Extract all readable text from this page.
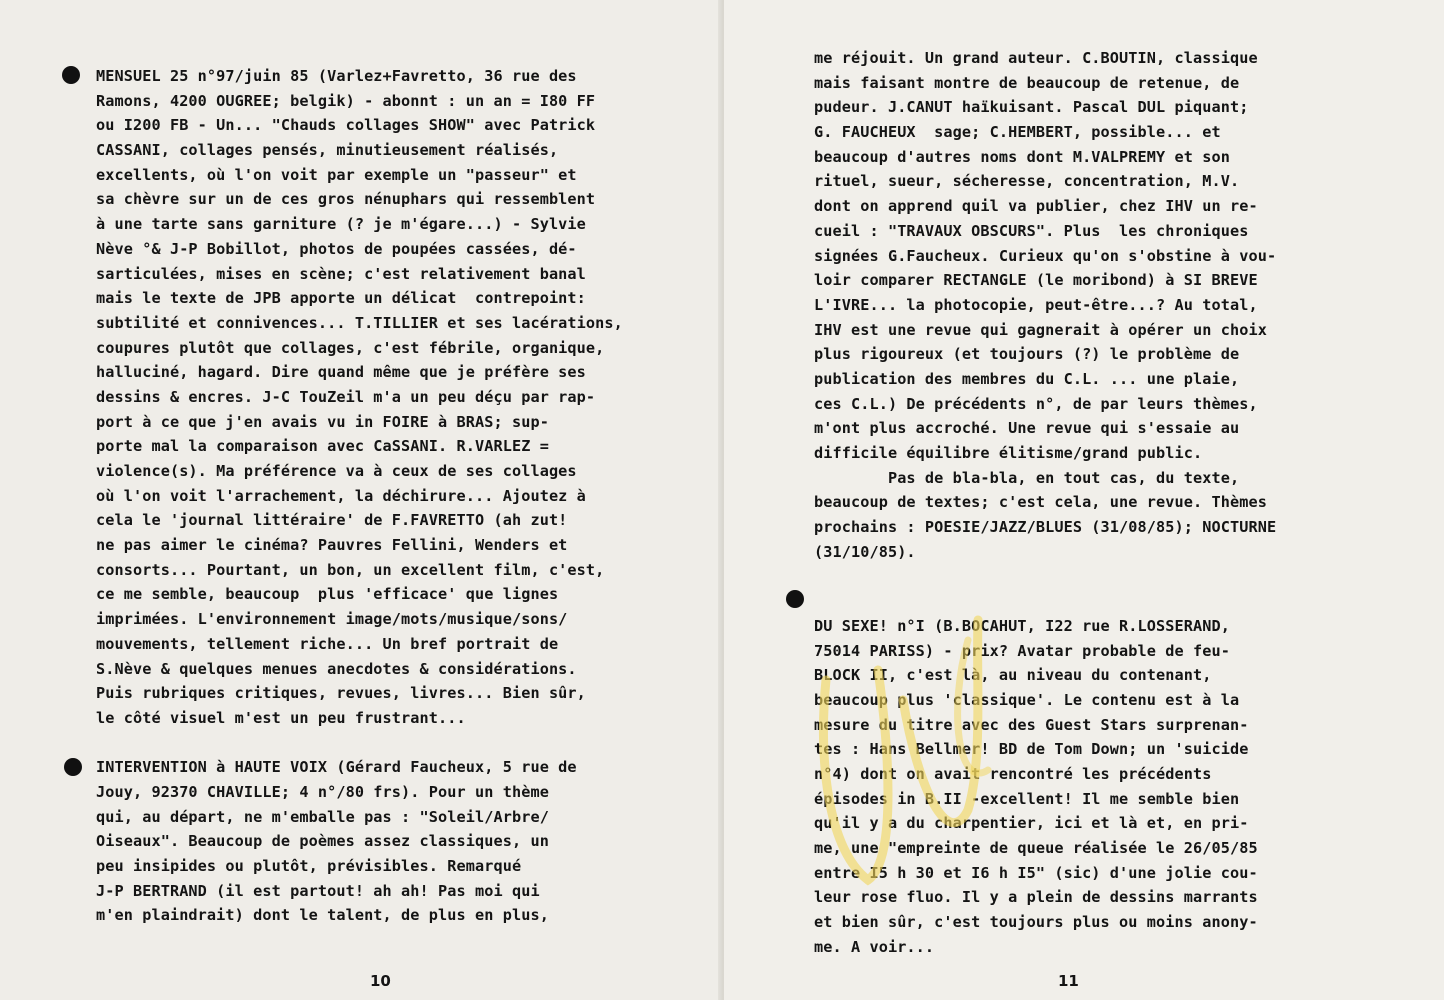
MENSUEL 25 n°97/juin 85 (Varlez+Favretto, 36 rue des
Ramons, 4200 OUGREE; belgik) - abonnt : un an = I80 FF
ou I200 FB - Un... "Chauds collages SHOW" avec Patrick
CASSANI, collages pensés, minutieusement réalisés,
excellents, où l'on voit par exemple un "passeur" et
sa chèvre sur un de ces gros nénuphars qui ressemblent
à une tarte sans garniture (? je m'égare...) - Sylvie
Nève °& J-P Bobillot, photos de poupées cassées, dé-
sarticulées, mises en scène; c'est relativement banal
mais le texte de JPB apporte un délicat  contrepoint:
subtilité et connivences... T.TILLIER et ses lacérations,
coupures plutôt que collages, c'est fébrile, organique,
halluciné, hagard. Dire quand même que je préfère ses
dessins & encres. J-C TouZeil m'a un peu déçu par rap-
port à ce que j'en avais vu in FOIRE à BRAS; sup-
porte mal la comparaison avec CaSSANI. R.VARLEZ =
violence(s). Ma préférence va à ceux de ses collages
où l'on voit l'arrachement, la déchirure... Ajoutez à
cela le 'journal littéraire' de F.FAVRETTO (ah zut!
ne pas aimer le cinéma? Pauvres Fellini, Wenders et
consorts... Pourtant, un bon, un excellent film, c'est,
ce me semble, beaucoup  plus 'efficace' que lignes
imprimées. L'environnement image/mots/musique/sons/
mouvements, tellement riche... Un bref portrait de
S.Nève & quelques menues anecdotes & considérations.
Puis rubriques critiques, revues, livres... Bien sûr,
le côté visuel m'est un peu frustrant...
INTERVENTION à HAUTE VOIX (Gérard Faucheux, 5 rue de
Jouy, 92370 CHAVILLE; 4 n°/80 frs). Pour un thème
qui, au départ, ne m'emballe pas : "Soleil/Arbre/
Oiseaux". Beaucoup de poèmes assez classiques, un
peu insipides ou plutôt, prévisibles. Remarqué
J-P BERTRAND (il est partout! ah ah! Pas moi qui
m'en plaindrait) dont le talent, de plus en plus,
10
me réjouit. Un grand auteur. C.BOUTIN, classique
mais faisant montre de beaucoup de retenue, de
pudeur. J.CANUT haïkuisant. Pascal DUL piquant;
G. FAUCHEUX  sage; C.HEMBERT, possible... et
beaucoup d'autres noms dont M.VALPREMY et son
rituel, sueur, sécheresse, concentration, M.V.
dont on apprend quil va publier, chez IHV un re-
cueil : "TRAVAUX OBSCURS". Plus  les chroniques
signées G.Faucheux. Curieux qu'on s'obstine à vou-
loir comparer RECTANGLE (le moribond) à SI BREVE
L'IVRE... la photocopie, peut-être...? Au total,
IHV est une revue qui gagnerait à opérer un choix
plus rigoureux (et toujours (?) le problème de
publication des membres du C.L. ... une plaie,
ces C.L.) De précédents n°, de par leurs thèmes,
m'ont plus accroché. Une revue qui s'essaie au
difficile équilibre élitisme/grand public.
Pas de bla-bla, en tout cas, du texte,
beaucoup de textes; c'est cela, une revue. Thèmes
prochains : POESIE/JAZZ/BLUES (31/08/85); NOCTURNE
(31/10/85).
DU SEXE! n°I (B.BOCAHUT, I22 rue R.LOSSERAND,
75014 PARISS) - prix? Avatar probable de feu-
BLOCK II, c'est là, au niveau du contenant,
beaucoup plus 'classique'. Le contenu est à la
mesure du titre avec des Guest Stars surprenan-
tes : Hans Bellmer! BD de Tom Down; un 'suicide
n°4) dont on avait rencontré les précédents
épisodes in B.II -excellent! Il me semble bien
qu'il y a du charpentier, ici et là et, en pri-
me, une "empreinte de queue réalisée le 26/05/85
entre I5 h 30 et I6 h I5" (sic) d'une jolie cou-
leur rose fluo. Il y a plein de dessins marrants
et bien sûr, c'est toujours plus ou moins anony-
me. A voir...
11
